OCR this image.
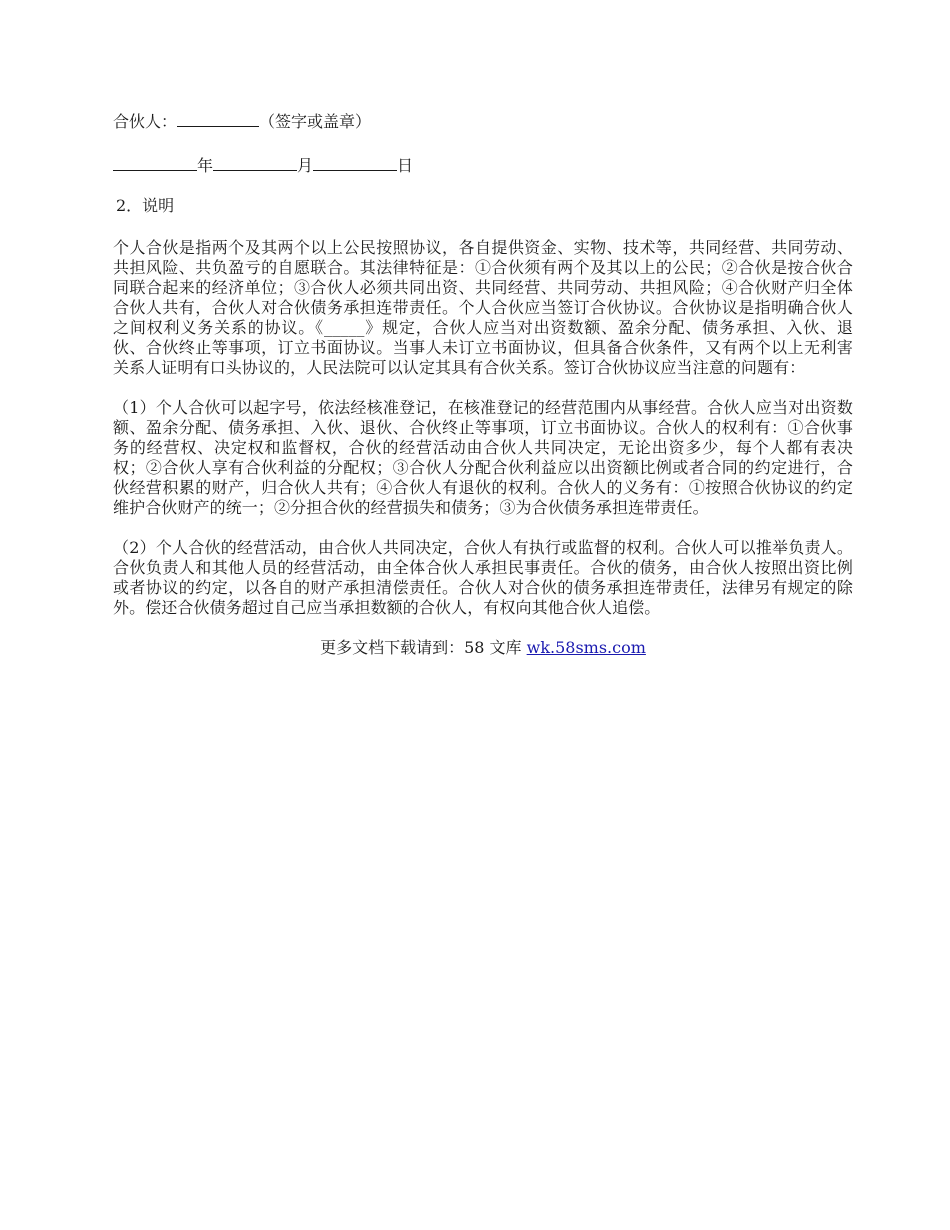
合伙人：	（签字或盖章）

年	月	日

2．说明

个人合伙是指两个及其两个以上公民按照协议，各自提供资金、实物、技术等，共同经营、共同劳动、共担风险、共负盈亏的自愿联合。其法律特征是：①合伙须有两个及其以上的公民；②合伙是按合伙合同联合起来的经济单位；③合伙人必须共同出资、共同经营、共同劳动、共担风险；④合伙财产归全体合伙人共有，合伙人对合伙债务承担连带责任。个人合伙应当签订合伙协议。合伙协议是指明确合伙人之间权利义务关系的协议。《_____》规定，合伙人应当对出资数额、盈余分配、债务承担、入伙、退伙、合伙终止等事项，订立书面协议。当事人未订立书面协议，但具备合伙条件，又有两个以上无利害关系人证明有口头协议的，人民法院可以认定其具有合伙关系。签订合伙协议应当注意的问题有：

（1）个人合伙可以起字号，依法经核准登记，在核准登记的经营范围内从事经营。合伙人应当对出资数额、盈余分配、债务承担、入伙、退伙、合伙终止等事项，订立书面协议。合伙人的权利有：①合伙事务的经营权、决定权和监督权，合伙的经营活动由合伙人共同决定，无论出资多少，每个人都有表决权；②合伙人享有合伙利益的分配权；③合伙人分配合伙利益应以出资额比例或者合同的约定进行，合伙经营积累的财产，归合伙人共有；④合伙人有退伙的权利。合伙人的义务有：①按照合伙协议的约定维护合伙财产的统一；②分担合伙的经营损失和债务；③为合伙债务承担连带责任。

（2）个人合伙的经营活动，由合伙人共同决定，合伙人有执行或监督的权利。合伙人可以推举负责人。合伙负责人和其他人员的经营活动，由全体合伙人承担民事责任。合伙的债务，由合伙人按照出资比例或者协议的约定，以各自的财产承担清偿责任。合伙人对合伙的债务承担连带责任，法律另有规定的除外。偿还合伙债务超过自己应当承担数额的合伙人，有权向其他合伙人追偿。

更多文档下载请到：58 文库 wk.58sms.com
